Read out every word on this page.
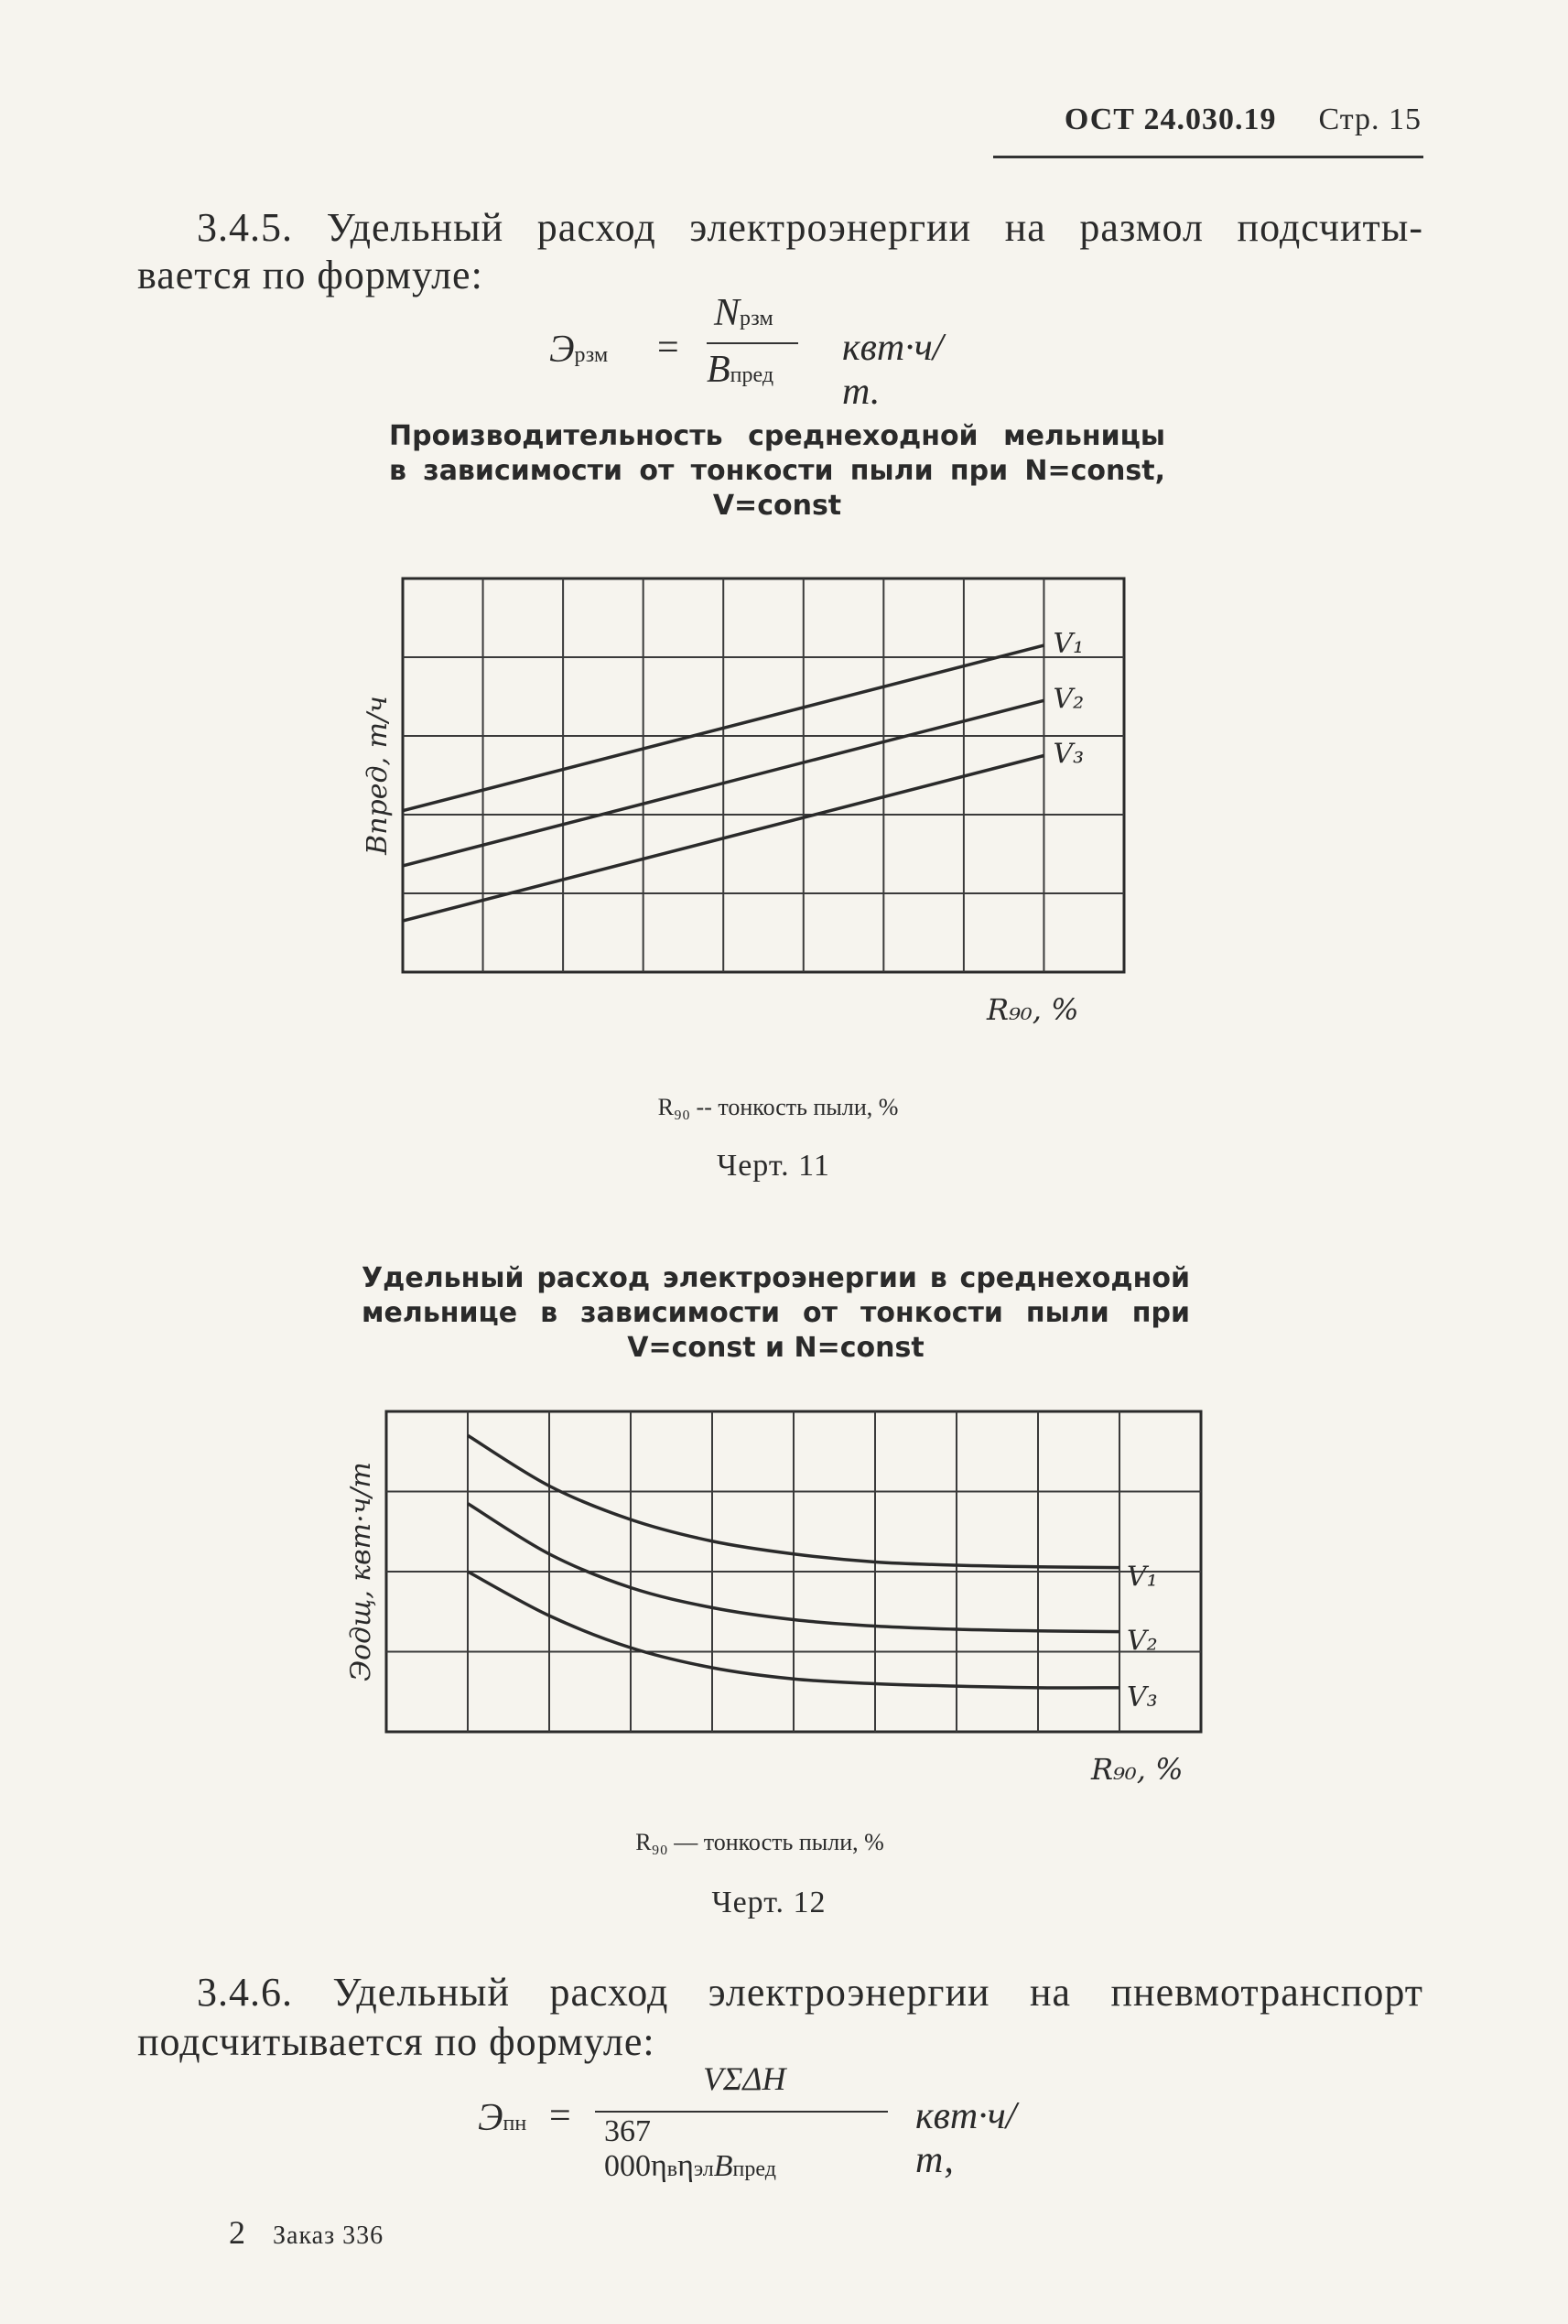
ОСТ 24.030.19 Стр. 15
3.4.5. Удельный расход электроэнергии на размол подсчиты-
вается по формуле:
Эрзм =
Nрзм
Bпред
квт·ч/т.
Производительность среднеходной мельницы
в зависимости от тонкости пыли при N=const,
V=const
V₁
V₂
V₃
R₉₀, %
Bпред, т/ч
R₉₀ -- тонкость пыли, %
Черт. 11
Удельный расход электроэнергии в среднеходной
мельнице в зависимости от тонкости пыли при
V=const и N=const
V₁
V₂
V₃
R₉₀, %
Эодщ, квт·ч/т
R₉₀ — тонкость пыли, %
Черт. 12
3.4.6. Удельный расход электроэнергии на пневмотранспорт
подсчитывается по формуле:
Эпн =
VΣΔH
367 000ηвηэлBпред
квт·ч/т,
2 Заказ 336
